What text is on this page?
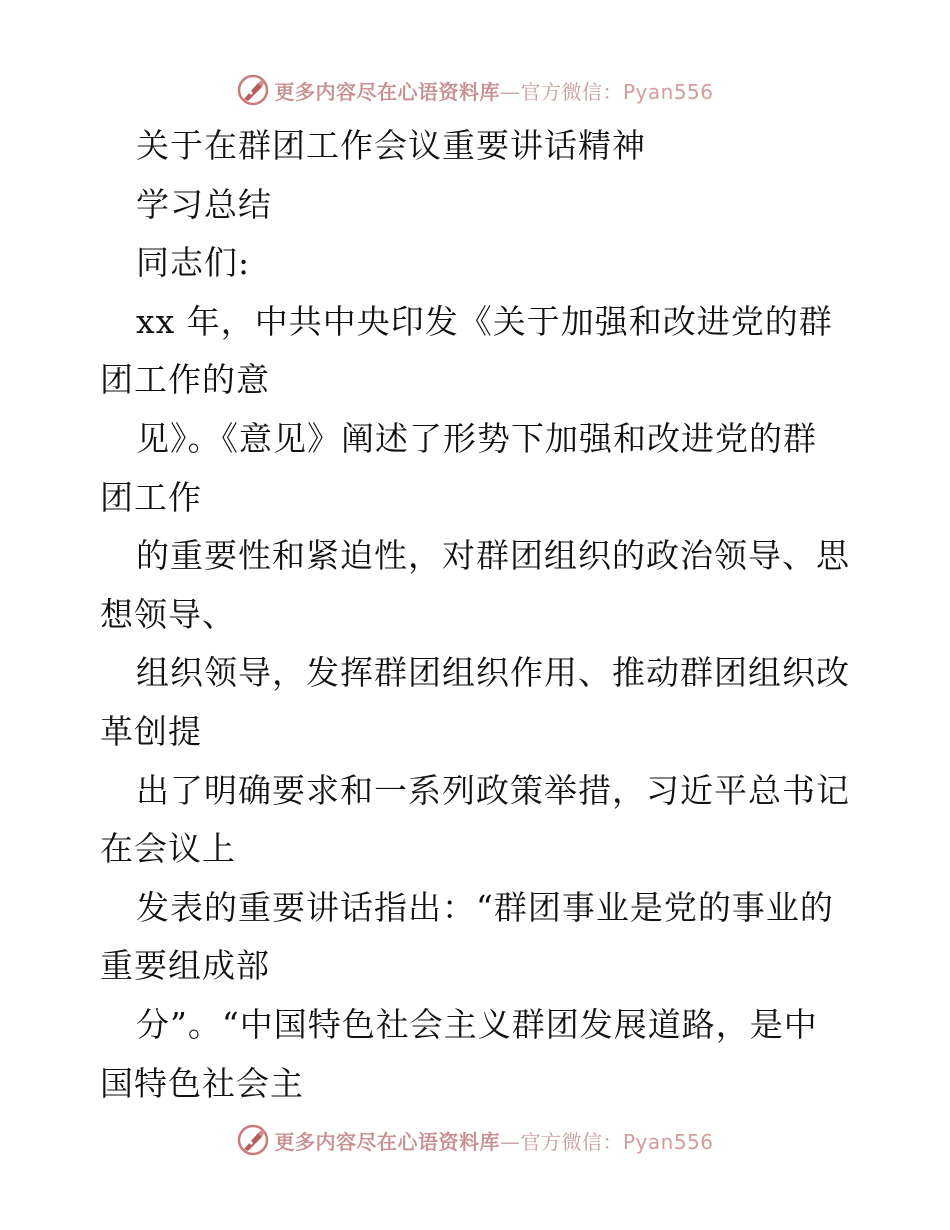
更多内容尽在心语资料库—官方微信：Pyan556
关于在群团工作会议重要讲话精神
学习总结
同志们:
xx 年，中共中央印发《关于加强和改进党的群
团工作的意
见》。《意见》阐述了形势下加强和改进党的群
团工作
的重要性和紧迫性，对群团组织的政治领导、思
想领导、
组织领导，发挥群团组织作用、推动群团组织改
革创提
出了明确要求和一系列政策举措，习近平总书记
在会议上
发表的重要讲话指出：“群团事业是党的事业的
重要组成部
分”。“中国特色社会主义群团发展道路，是中
国特色社会主
更多内容尽在心语资料库—官方微信：Pyan556
